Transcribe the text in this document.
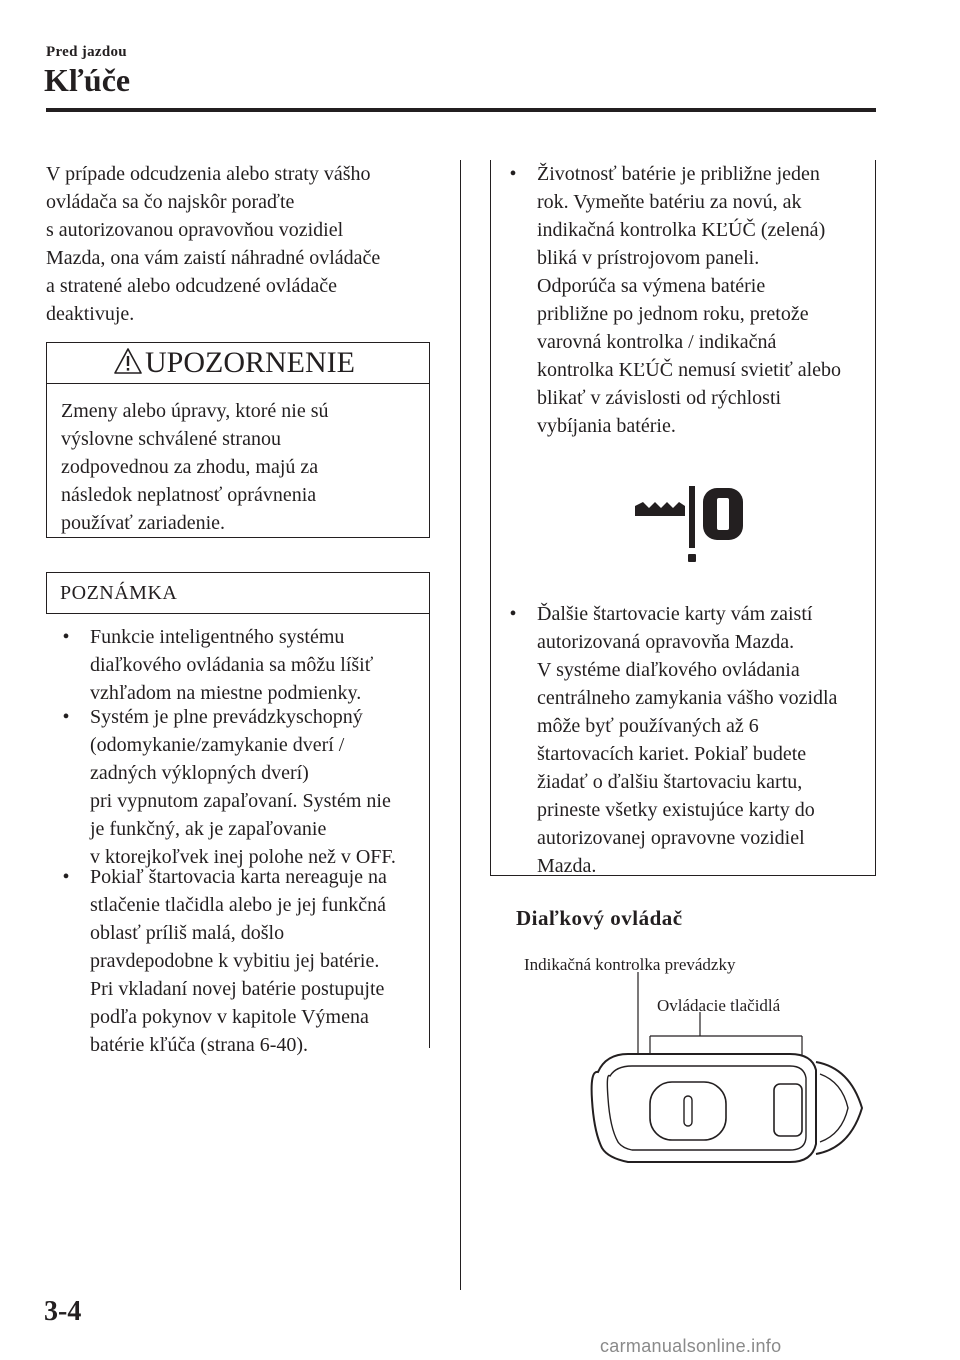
Pred jazdou
Kľúče
V prípade odcudzenia alebo straty vášho
ovládača sa čo najskôr poraďte
s autorizovanou opravovňou vozidiel
Mazda, ona vám zaistí náhradné ovládače
a stratené alebo odcudzené ovládače
deaktivuje.
UPOZORNENIE
Zmeny alebo úpravy, ktoré nie sú
výslovne schválené stranou
zodpovednou za zhodu, majú za
následok neplatnosť oprávnenia
používať zariadenie.
POZNÁMKA
• Funkcie inteligentného systému
diaľkového ovládania sa môžu líšiť
vzhľadom na miestne podmienky.
• Systém je plne prevádzkyschopný
(odomykanie/zamykanie dverí /
zadných výklopných dverí)
pri vypnutom zapaľovaní. Systém nie
je funkčný, ak je zapaľovanie
v ktorejkoľvek inej polohe než v OFF.
• Pokiaľ štartovacia karta nereaguje na
stlačenie tlačidla alebo je jej funkčná
oblasť príliš malá, došlo
pravdepodobne k vybitiu jej batérie.
Pri vkladaní novej batérie postupujte
podľa pokynov v kapitole Výmena
batérie kľúča (strana 6-40).
• Životnosť batérie je približne jeden
rok. Vymeňte batériu za novú, ak
indikačná kontrolka KĽÚČ (zelená)
bliká v prístrojovom paneli.
Odporúča sa výmena batérie
približne po jednom roku, pretože
varovná kontrolka / indikačná
kontrolka KĽÚČ nemusí svietiť alebo
blikať v závislosti od rýchlosti
vybíjania batérie.
• Ďalšie štartovacie karty vám zaistí
autorizovaná opravovňa Mazda.
V systéme diaľkového ovládania
centrálneho zamykania vášho vozidla
môže byť používaných až 6
štartovacích kariet. Pokiaľ budete
žiadať o ďalšiu štartovaciu kartu,
prineste všetky existujúce karty do
autorizovanej opravovne vozidiel
Mazda.
Diaľkový ovládač
Indikačná kontrolka prevádzky
Ovládacie tlačidlá
3-4
carmanualsonline.info
